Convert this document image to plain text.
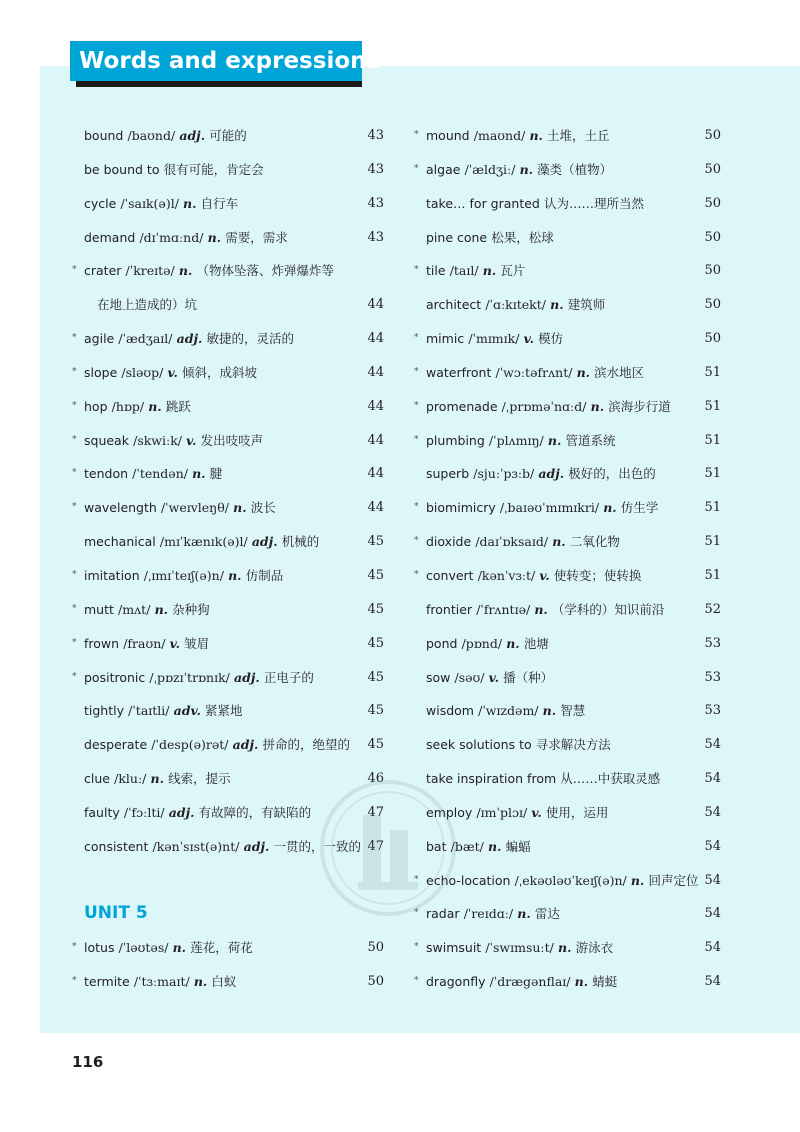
Words and expressions
bound /baʊnd/ adj. 可能的	43
be bound to 很有可能，肯定会	43
cycle /ˈsaɪk(ə)l/ n. 自行车	43
demand /dɪˈmɑːnd/ n. 需要，需求	43
* crater /ˈkreɪtə/ n. （物体坠落、炸弹爆炸等
在地上造成的）坑	44
* agile /ˈædʒaɪl/ adj. 敏捷的，灵活的	44
* slope /sləʊp/ v. 倾斜，成斜坡	44
* hop /hɒp/ n. 跳跃	44
* squeak /skwiːk/ v. 发出吱吱声	44
* tendon /ˈtendən/ n. 腱	44
* wavelength /ˈweɪvleŋθ/ n. 波长	44
mechanical /mɪˈkænɪk(ə)l/ adj. 机械的	45
* imitation /ˌɪmɪˈteɪʃ(ə)n/ n. 仿制品	45
* mutt /mʌt/ n. 杂种狗	45
* frown /fraʊn/ v. 皱眉	45
* positronic /ˌpɒzɪˈtrɒnɪk/ adj. 正电子的	45
tightly /ˈtaɪtli/ adv. 紧紧地	45
desperate /ˈdesp(ə)rət/ adj. 拼命的，绝望的 45
clue /kluː/ n. 线索，提示	46
faulty /ˈfɔːlti/ adj. 有故障的，有缺陷的	47
consistent /kənˈsɪst(ə)nt/ adj. 一贯的，一致的 47
UNIT 5
* lotus /ˈləʊtəs/ n. 莲花，荷花	50
* termite /ˈtɜːmaɪt/ n. 白蚁	50
* mound /maʊnd/ n. 土堆，土丘	50
* algae /ˈældʒiː/ n. 藻类（植物）	50
take… for granted 认为……理所当然	50
pine cone 松果，松球	50
* tile /taɪl/ n. 瓦片	50
architect /ˈɑːkɪtekt/ n. 建筑师	50
* mimic /ˈmɪmɪk/ v. 模仿	50
* waterfront /ˈwɔːtəfrʌnt/ n. 滨水地区	51
* promenade /ˌprɒməˈnɑːd/ n. 滨海步行道	51
* plumbing /ˈplʌmɪŋ/ n. 管道系统	51
superb /sjuːˈpɜːb/ adj. 极好的，出色的	51
* biomimicry /ˌbaɪəʊˈmɪmɪkri/ n. 仿生学	51
* dioxide /daɪˈɒksaɪd/ n. 二氧化物	51
* convert /kənˈvɜːt/ v. 使转变；使转换	51
frontier /ˈfrʌntɪə/ n. （学科的）知识前沿	52
pond /pɒnd/ n. 池塘	53
sow /səʊ/ v. 播（种）	53
wisdom /ˈwɪzdəm/ n. 智慧	53
seek solutions to 寻求解决方法	54
take inspiration from 从……中获取灵感	54
employ /ɪmˈplɔɪ/ v. 使用，运用	54
bat /bæt/ n. 蝙蝠	54
* echo-location /ˌekəʊləʊˈkeɪʃ(ə)n/ n. 回声定位 54
* radar /ˈreɪdɑː/ n. 雷达	54
* swimsuit /ˈswɪmsuːt/ n. 游泳衣	54
* dragonfly /ˈdrægənflaɪ/ n. 蜻蜓	54
116
